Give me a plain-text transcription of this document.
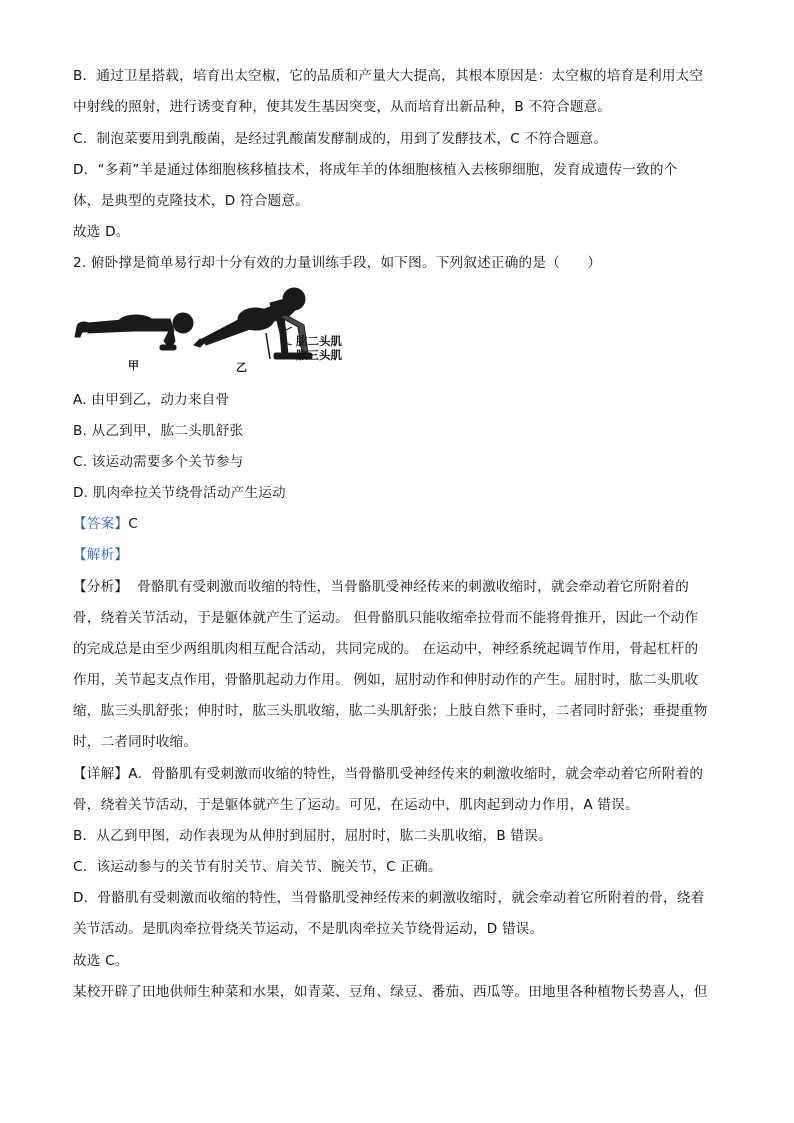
B．通过卫星搭载，培育出太空椒，它的品质和产量大大提高，其根本原因是：太空椒的培育是利用太空
中射线的照射，进行诱变育种，使其发生基因突变，从而培育出新品种，B 不符合题意。
C．制泡菜要用到乳酸菌，是经过乳酸菌发酵制成的，用到了发酵技术，C 不符合题意。
D．“多莉”羊是通过体细胞核移植技术，将成年羊的体细胞核植入去核卵细胞，发育成遗传一致的个
体，是典型的克隆技术，D 符合题意。
故选 D。
2. 俯卧撑是简单易行却十分有效的力量训练手段，如下图。下列叙述正确的是（　　）
甲	乙
肱二头肌
肱三头肌
A. 由甲到乙，动力来自骨
B. 从乙到甲，肱二头肌舒张
C. 该运动需要多个关节参与
D. 肌肉牵拉关节绕骨活动产生运动
【答案】C
【解析】
【分析】 骨骼肌有受刺激而收缩的特性，当骨骼肌受神经传来的刺激收缩时，就会牵动着它所附着的
骨，绕着关节活动，于是躯体就产生了运动。 但骨骼肌只能收缩牵拉骨而不能将骨推开，因此一个动作
的完成总是由至少两组肌肉相互配合活动，共同完成的。 在运动中，神经系统起调节作用，骨起杠杆的
作用，关节起支点作用，骨骼肌起动力作用。 例如，屈肘动作和伸肘动作的产生。屈肘时，肱二头肌收
缩，肱三头肌舒张；伸肘时，肱三头肌收缩，肱二头肌舒张；上肢自然下垂时，二者同时舒张；垂提重物
时，二者同时收缩。
【详解】A．骨骼肌有受刺激而收缩的特性，当骨骼肌受神经传来的刺激收缩时，就会牵动着它所附着的
骨，绕着关节活动，于是躯体就产生了运动。可见，在运动中，肌肉起到动力作用，A 错误。
B．从乙到甲图，动作表现为从伸肘到屈肘，屈肘时，肱二头肌收缩，B 错误。
C．该运动参与的关节有肘关节、肩关节、腕关节，C 正确。
D．骨骼肌有受刺激而收缩的特性，当骨骼肌受神经传来的刺激收缩时，就会牵动着它所附着的骨，绕着
关节活动。是肌肉牵拉骨绕关节运动，不是肌肉牵拉关节绕骨运动，D 错误。
故选 C。
某校开辟了田地供师生种菜和水果，如青菜、豆角、绿豆、番茄、西瓜等。田地里各种植物长势喜人，但
